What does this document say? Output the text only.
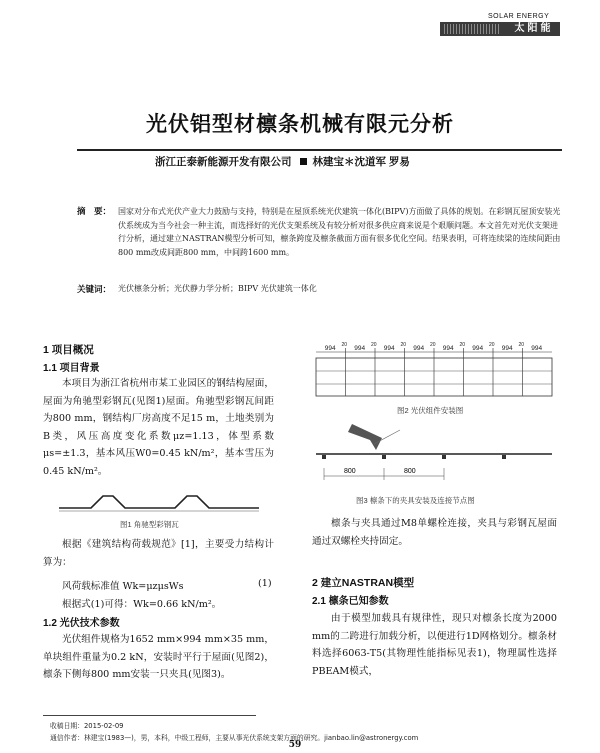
SOLAR ENERGY
太阳能
光伏铝型材檩条机械有限元分析
浙江正泰新能源开发有限公司 林建宝＊沈道军 罗易
摘　要： 国家对分布式光伏产业大力鼓励与支持，特别是在屋顶系统光伏建筑一体化(BIPV)方面做了具体的规划。在彩钢瓦屋顶安装光伏系统成为当今社会一种主流，而选择好的光伏支架系统及有较分析对很多供应商来说是个艰顺问题。本文首先对光伏支架进行分析，通过建立NASTRAN模型分析可知，檩条跨度及檩条截面方面有很多优化空间。结果表明，可将连续梁的连续间距由800 mm改成间距800 mm，中间跨1600 mm。
关键词： 光伏檩条分析；光伏静力学分析；BIPV 光伏建筑一体化
1 项目概况
1.1 项目背景
本项目为浙江省杭州市某工业园区的钢结构屋面，屋面为角驰型彩钢瓦(见图1)屋面。角驰型彩钢瓦间距为800 mm，钢结构厂房高度不足15 m，土地类别为B类，风压高度变化系数μz=1.13，体型系数μs=±1.3，基本风压W0=0.45 kN/m²，基本雪压为0.45 kN/m²。
图1 角驰型彩钢瓦
根据《建筑结构荷载规范》[1]，主要受力结构计算为：
风荷载标准值 Wk=μzμsWs	(1)
根据式(1)可得：Wk=0.66 kN/m²。
1.2 光伏技术参数
光伏组件规格为1652 mm×994 mm×35 mm，单块组件重量为0.2 kN，安装时平行于屋面(见图2)，檩条下侧每800 mm安装一只夹具(见图3)。
994 20 994 20 994 20 994 20 994 20 994 20 994 20 994
图2 光伏组件安装图
800	800
图3 檩条下的夹具安装及连接节点图
檩条与夹具通过M8单螺栓连接，夹具与彩钢瓦屋面通过双螺栓夹持固定。
2 建立NASTRAN模型
2.1 檩条已知参数
由于模型加载具有规律性，现只对檩条长度为2000 mm的二跨进行加载分析，以便进行1D网格划分。檩条材料选择6063-T5(其物理性能指标见表1)，物理属性选择PBEAM模式，
收稿日期：2015-02-09
通信作者：林建宝(1983—)，男，本科，中级工程师，主要从事光伏系统支架方面的研究。jianbao.lin@astronergy.com
59
